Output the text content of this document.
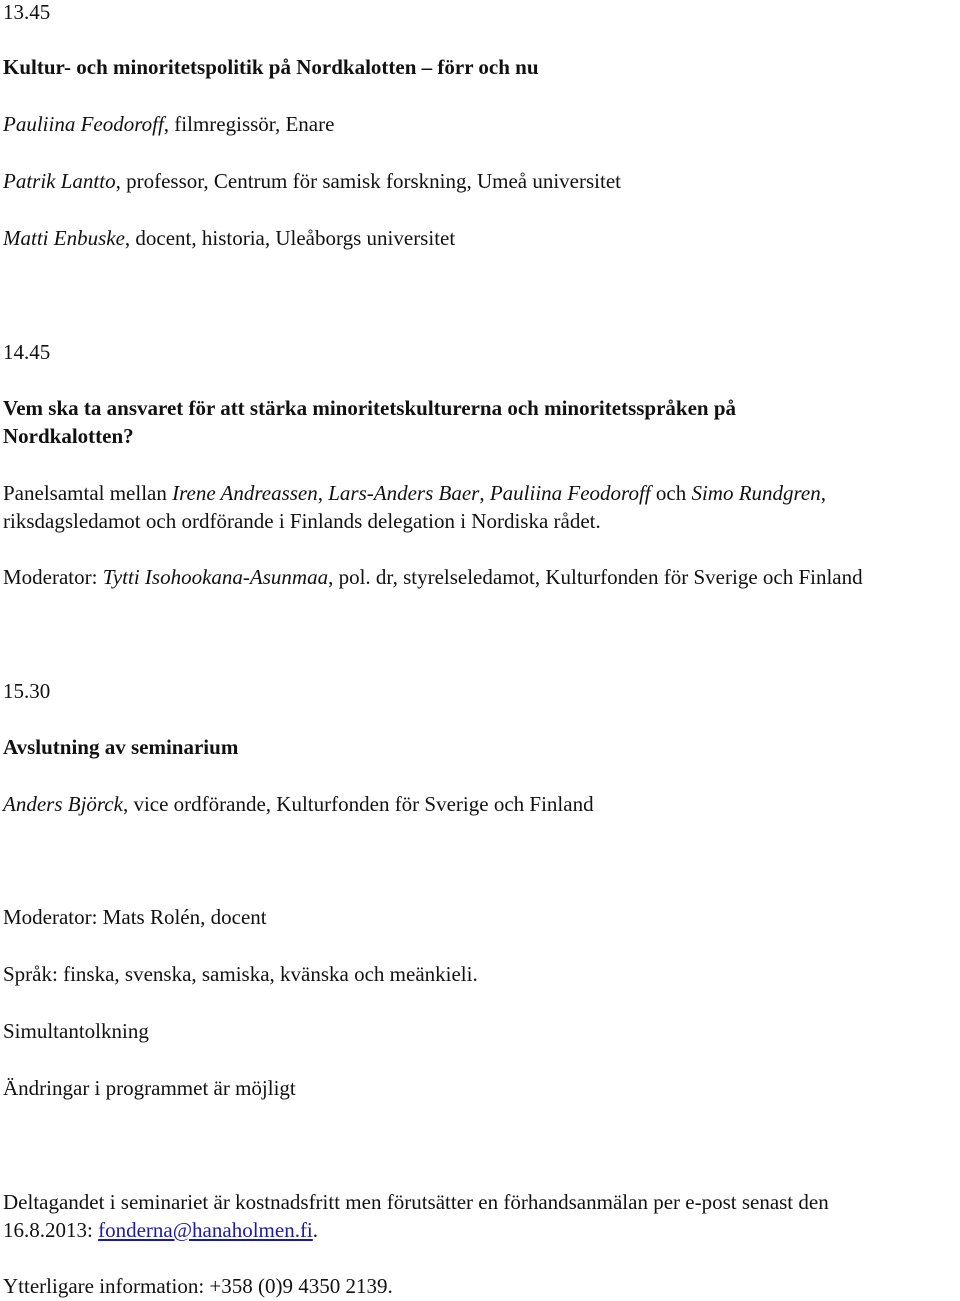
13.45
Kultur- och minoritetspolitik på Nordkalotten – förr och nu
Pauliina Feodoroff, filmregissör, Enare
Patrik Lantto, professor, Centrum för samisk forskning, Umeå universitet
Matti Enbuske, docent, historia, Uleåborgs universitet
14.45
Vem ska ta ansvaret för att stärka minoritetskulturerna och minoritetsspråken på
Nordkalotten?
Panelsamtal mellan Irene Andreassen, Lars-Anders Baer, Pauliina Feodoroff och Simo Rundgren,
riksdagsledamot och ordförande i Finlands delegation i Nordiska rådet.
Moderator: Tytti Isohookana-Asunmaa, pol. dr, styrelseledamot, Kulturfonden för Sverige och Finland
15.30
Avslutning av seminarium
Anders Björck, vice ordförande, Kulturfonden för Sverige och Finland
Moderator: Mats Rolén, docent
Språk: finska, svenska, samiska, kvänska och meänkieli.
Simultantolkning
Ändringar i programmet är möjligt
Deltagandet i seminariet är kostnadsfritt men förutsätter en förhandsanmälan per e-post senast den
16.8.2013: fonderna@hanaholmen.fi.
Ytterligare information: +358 (0)9 4350 2139.
